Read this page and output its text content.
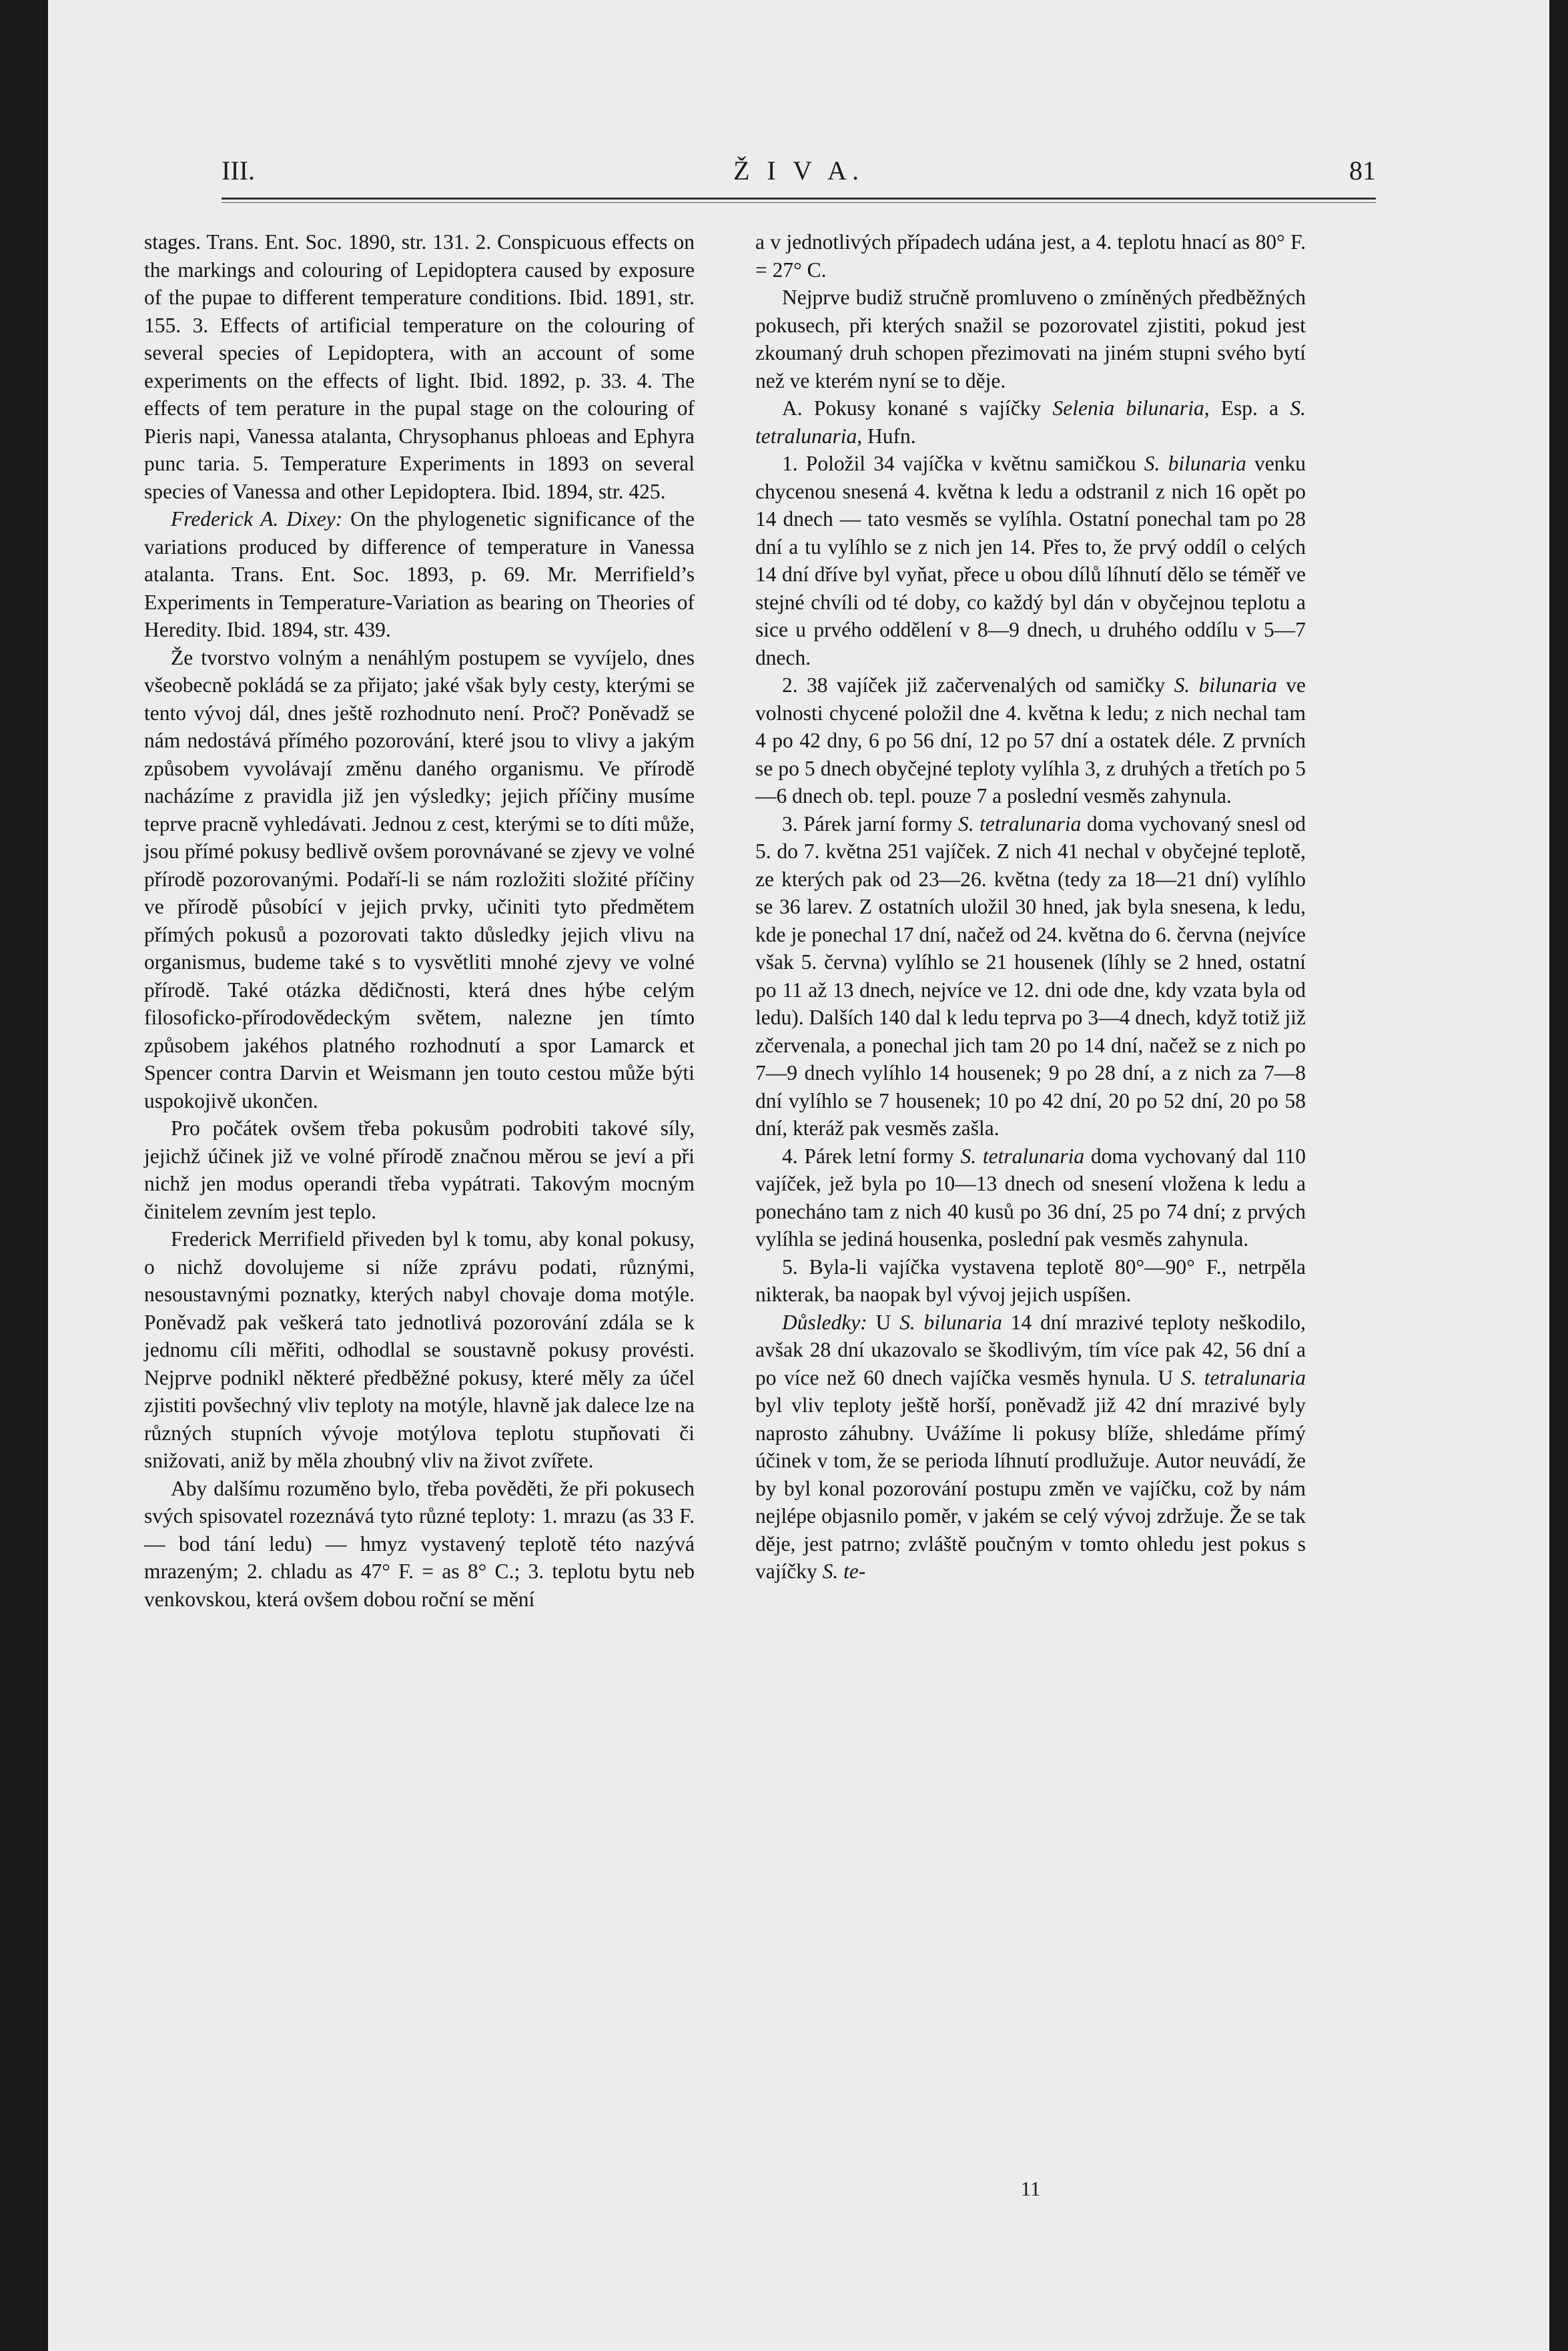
III.	Ž I V A.	81

stages. Trans. Ent. Soc. 1890, str. 131. 2. Conspicuous effects on the markings and colouring of Lepidoptera caused by exposure of the pupae to different temperature conditions. Ibid. 1891, str. 155. 3. Effects of artificial temperature on the colouring of several species of Lepidoptera, with an account of some experiments on the effects of light. Ibid. 1892, p. 33. 4. The effects of tem perature in the pupal stage on the colouring of Pieris napi, Vanessa atalanta, Chrysophanus phloeas and Ephyra punc taria. 5. Temperature Experiments in 1893 on several species of Vanessa and other Lepidoptera. Ibid. 1894, str. 425.

Frederick A. Dixey: On the phylogenetic significance of the variations produced by difference of temperature in Vanessa atalanta. Trans. Ent. Soc. 1893, p. 69. Mr. Merrifield’s Experiments in Temperature-Variation as bearing on Theories of Heredity. Ibid. 1894, str. 439.

Že tvorstvo volným a nenáhlým postupem se vyvíjelo, dnes všeobecně pokládá se za přijato; jaké však byly cesty, kterými se tento vývoj dál, dnes ještě rozhodnuto není. Proč? Poněvadž se nám nedostává přímého pozorování, které jsou to vlivy a jakým způsobem vyvolávají změnu daného organismu. Ve přírodě nacházíme z pravidla již jen výsledky; jejich příčiny musíme teprve pracně vyhledávati. Jednou z cest, kterými se to díti může, jsou přímé pokusy bedlivě ovšem porovnávané se zjevy ve volné přírodě pozorovanými. Podaří-li se nám rozložiti složité příčiny ve přírodě působící v jejich prvky, učiniti tyto předmětem přímých pokusů a pozorovati takto důsledky jejich vlivu na organismus, budeme také s to vysvětliti mnohé zjevy ve volné přírodě. Také otázka dědičnosti, která dnes hýbe celým filosoficko-přírodovědeckým světem, nalezne jen tímto způsobem jakéhos platného rozhodnutí a spor Lamarck et Spencer contra Darvin et Weismann jen touto cestou může býti uspokojivě ukončen.

Pro počátek ovšem třeba pokusům podrobiti takové síly, jejichž účinek již ve volné přírodě značnou měrou se jeví a při nichž jen modus operandi třeba vypátrati. Takovým mocným činitelem zevním jest teplo.

Frederick Merrifield přiveden byl k tomu, aby konal pokusy, o nichž dovolujeme si níže zprávu podati, různými, nesoustavnými poznatky, kterých nabyl chovaje doma motýle. Poněvadž pak veškerá tato jednotlivá pozorování zdála se k jednomu cíli měřiti, odhodlal se soustavně pokusy provésti. Nejprve podnikl některé předběžné pokusy, které měly za účel zjistiti povšechný vliv teploty na motýle, hlavně jak dalece lze na různých stupních vývoje motýlova teplotu stupňovati či snižovati, aniž by měla zhoubný vliv na život zvířete.

Aby dalšímu rozuměno bylo, třeba pověděti, že při pokusech svých spisovatel rozeznává tyto různé teploty: 1. mrazu (as 33 F. — bod tání ledu) — hmyz vystavený teplotě této nazývá mrazeným; 2. chladu as 47° F. = as 8° C.; 3. teplotu bytu neb venkovskou, která ovšem dobou roční se mění

a v jednotlivých případech udána jest, a 4. teplotu hnací as 80° F. = 27° C.

Nejprve budiž stručně promluveno o zmíněných předběžných pokusech, při kterých snažil se pozorovatel zjistiti, pokud jest zkoumaný druh schopen přezimovati na jiném stupni svého bytí než ve kterém nyní se to děje.

A. Pokusy konané s vajíčky Selenia bilunaria, Esp. a S. tetralunaria, Hufn.

1. Položil 34 vajíčka v květnu samičkou S. bilunaria venku chycenou snesená 4. května k ledu a odstranil z nich 16 opět po 14 dnech — tato vesměs se vylíhla. Ostatní ponechal tam po 28 dní a tu vylíhlo se z nich jen 14. Přes to, že prvý oddíl o celých 14 dní dříve byl vyňat, přece u obou dílů líhnutí dělo se téměř ve stejné chvíli od té doby, co každý byl dán v obyčejnou teplotu a sice u prvého oddělení v 8—9 dnech, u druhého oddílu v 5—7 dnech.

2. 38 vajíček již začervenalých od samičky S. bilunaria ve volnosti chycené položil dne 4. května k ledu; z nich nechal tam 4 po 42 dny, 6 po 56 dní, 12 po 57 dní a ostatek déle. Z prvních se po 5 dnech obyčejné teploty vylíhla 3, z druhých a třetích po 5—6 dnech ob. tepl. pouze 7 a poslední vesměs zahynula.

3. Párek jarní formy S. tetralunaria doma vychovaný snesl od 5. do 7. května 251 vajíček. Z nich 41 nechal v obyčejné teplotě, ze kterých pak od 23—26. května (tedy za 18—21 dní) vylíhlo se 36 larev. Z ostatních uložil 30 hned, jak byla snesena, k ledu, kde je ponechal 17 dní, načež od 24. května do 6. června (nejvíce však 5. června) vylíhlo se 21 housenek (líhly se 2 hned, ostatní po 11 až 13 dnech, nejvíce ve 12. dni ode dne, kdy vzata byla od ledu). Dalších 140 dal k ledu teprva po 3—4 dnech, když totiž již zčervenala, a ponechal jich tam 20 po 14 dní, načež se z nich po 7—9 dnech vylíhlo 14 housenek; 9 po 28 dní, a z nich za 7—8 dní vylíhlo se 7 housenek; 10 po 42 dní, 20 po 52 dní, 20 po 58 dní, kteráž pak vesměs zašla.

4. Párek letní formy S. tetralunaria doma vychovaný dal 110 vajíček, jež byla po 10—13 dnech od snesení vložena k ledu a ponecháno tam z nich 40 kusů po 36 dní, 25 po 74 dní; z prvých vylíhla se jediná housenka, poslední pak vesměs zahynula.

5. Byla-li vajíčka vystavena teplotě 80°—90° F., netrpěla nikterak, ba naopak byl vývoj jejich uspíšen.

Důsledky: U S. bilunaria 14 dní mrazivé teploty neškodilo, avšak 28 dní ukazovalo se škodlivým, tím více pak 42, 56 dní a po více než 60 dnech vajíčka vesměs hynula. U S. tetralunaria byl vliv teploty ještě horší, poněvadž již 42 dní mrazivé byly naprosto záhubny. Uvážíme li pokusy blíže, shledáme přímý účinek v tom, že se perioda líhnutí prodlužuje. Autor neuvádí, že by byl konal pozorování postupu změn ve vajíčku, což by nám nejlépe objasnilo poměr, v jakém se celý vývoj zdržuje. Že se tak děje, jest patrno; zvláště poučným v tomto ohledu jest pokus s vajíčky S. te-

11
